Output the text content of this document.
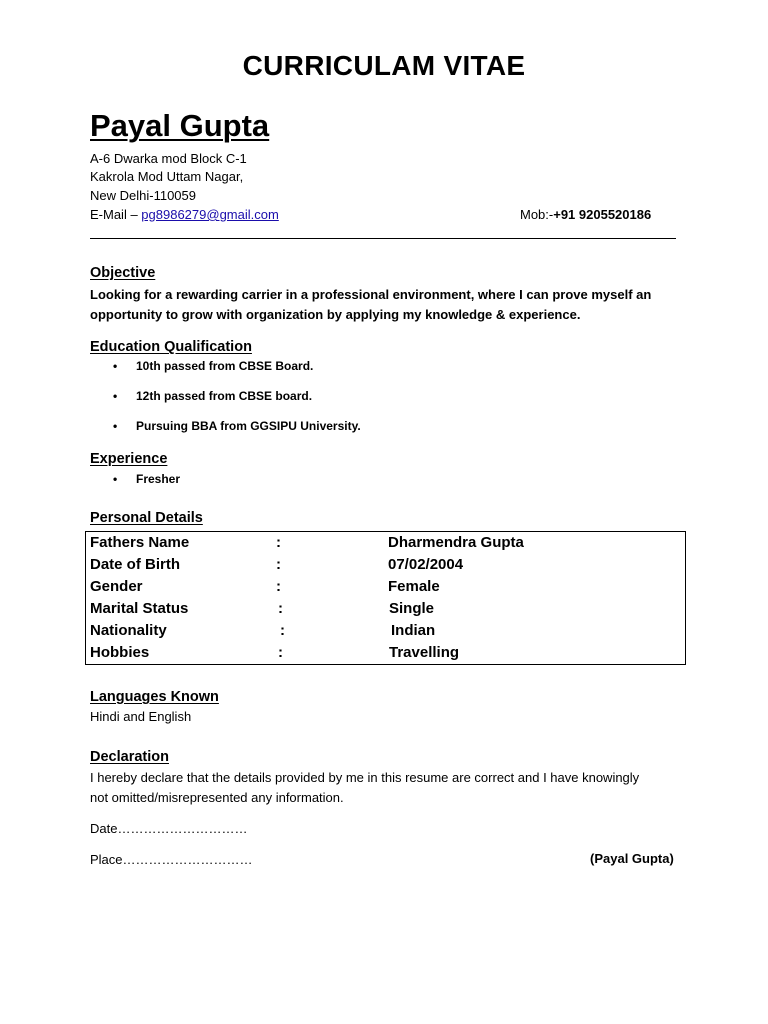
CURRICULAM VITAE
Payal Gupta
A-6 Dwarka mod Block C-1
Kakrola Mod Uttam Nagar,
New Delhi-110059
E-Mail – pg8986279@gmail.com	Mob:-+91 9205520186
Objective
Looking for a rewarding carrier in a professional environment, where I can prove myself an
opportunity to grow with organization by applying my knowledge & experience.
Education Qualification
• 10th passed from CBSE Board.
• 12th passed from CBSE board.
• Pursuing BBA from GGSIPU University.
Experience
• Fresher
Personal Details
Fathers Name	:	Dharmendra Gupta
Date of Birth	:	07/02/2004
Gender	:	Female
Marital Status	:	Single
Nationality	:	Indian
Hobbies	:	Travelling
Languages Known
Hindi and English
Declaration
I hereby declare that the details provided by me in this resume are correct and I have knowingly
not omitted/misrepresented any information.
Date…………………………
Place…………………………	(Payal Gupta)
